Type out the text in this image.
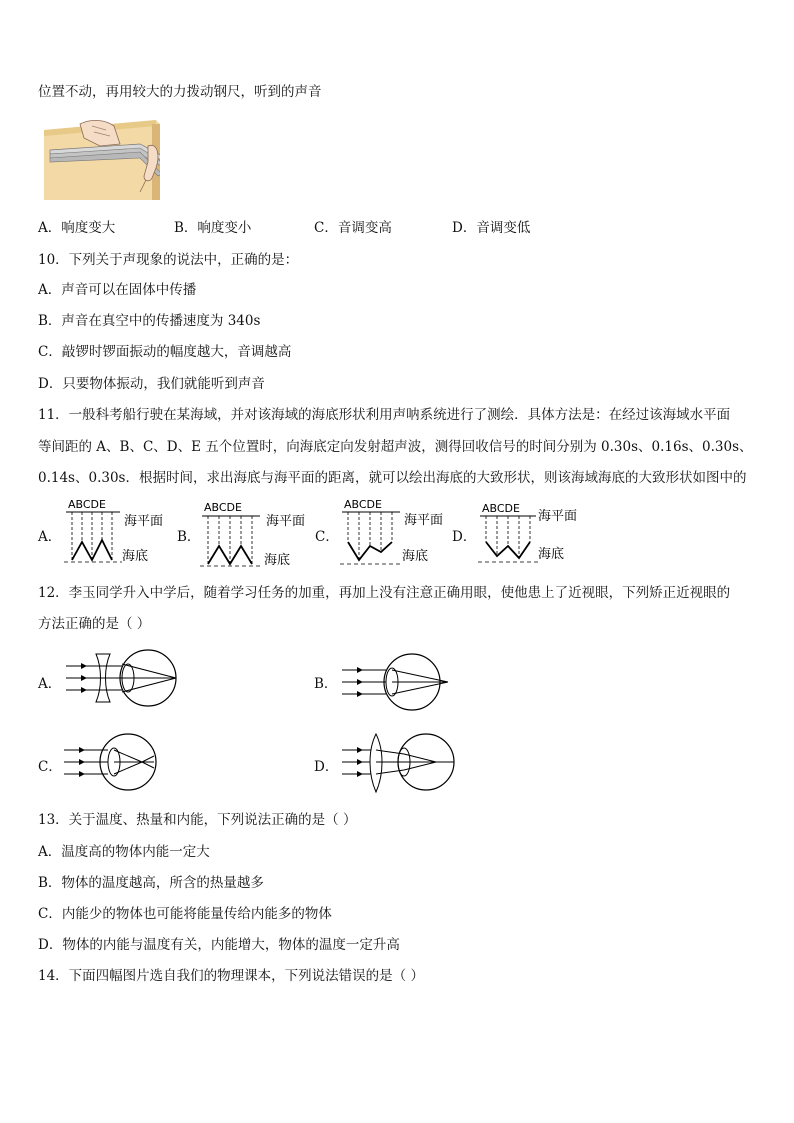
位置不动，再用较大的力拨动钢尺，听到的声音
A．响度变大	B．响度变小	C．音调变高	D．音调变低
10．下列关于声现象的说法中，正确的是：
A．声音可以在固体中传播
B．声音在真空中的传播速度为 340s
C．敲锣时锣面振动的幅度越大，音调越高
D．只要物体振动，我们就能听到声音
11．一般科考船行驶在某海域，并对该海域的海底形状利用声呐系统进行了测绘．具体方法是：在经过该海域水平面
等间距的 A、B、C、D、E 五个位置时，向海底定向发射超声波，测得回收信号的时间分别为 0.30s、0.16s、0.30s、
0.14s、0.30s．根据时间，求出海底与海平面的距离，就可以绘出海底的大致形状，则该海域海底的大致形状如图中的
A．
ABCDE
海平面
海底
B．
ABCDE
海平面
海底
C．
ABCDE
海平面
海底
D．
ABCDE
海平面
海底
12．李玉同学升入中学后，随着学习任务的加重，再加上没有注意正确用眼，使他患上了近视眼，下列矫正近视眼的
方法正确的是（ ）
A．	B．
C．	D．
13．关于温度、热量和内能，下列说法正确的是（ ）
A．温度高的物体内能一定大
B．物体的温度越高，所含的热量越多
C．内能少的物体也可能将能量传给内能多的物体
D．物体的内能与温度有关，内能增大，物体的温度一定升高
14．下面四幅图片选自我们的物理课本，下列说法错误的是（ ）
